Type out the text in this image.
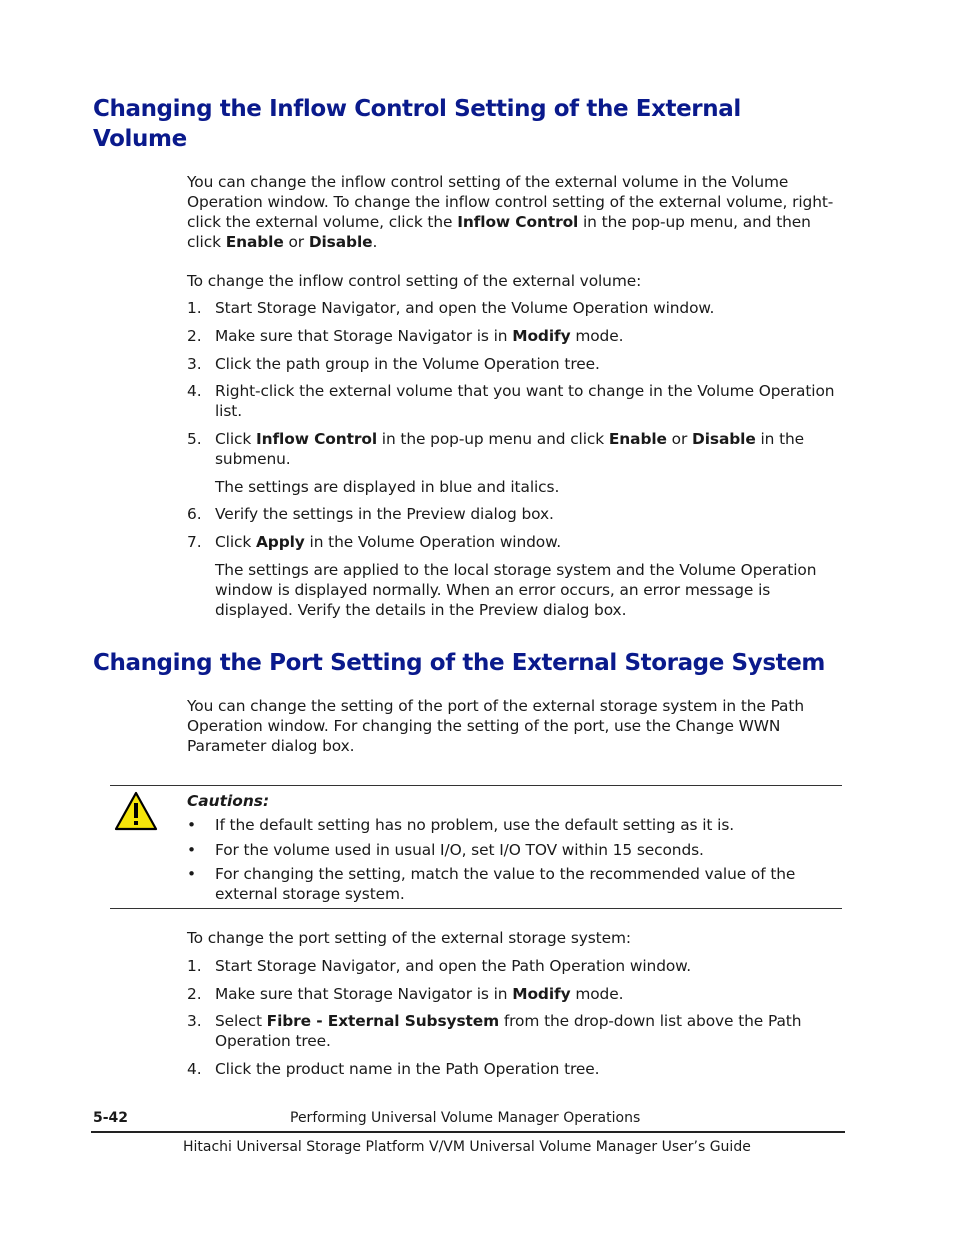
Changing the Inflow Control Setting of the External
Volume

You can change the inflow control setting of the external volume in the Volume Operation window. To change the inflow control setting of the external volume, right-click the external volume, click the Inflow Control in the pop-up menu, and then click Enable or Disable.

To change the inflow control setting of the external volume:

1. Start Storage Navigator, and open the Volume Operation window.
2. Make sure that Storage Navigator is in Modify mode.
3. Click the path group in the Volume Operation tree.
4. Right-click the external volume that you want to change in the Volume Operation list.
5. Click Inflow Control in the pop-up menu and click Enable or Disable in the submenu.

The settings are displayed in blue and italics.

6. Verify the settings in the Preview dialog box.
7. Click Apply in the Volume Operation window.

The settings are applied to the local storage system and the Volume Operation window is displayed normally. When an error occurs, an error message is displayed. Verify the details in the Preview dialog box.

Changing the Port Setting of the External Storage System

You can change the setting of the port of the external storage system in the Path Operation window. For changing the setting of the port, use the Change WWN Parameter dialog box.

Cautions:

• If the default setting has no problem, use the default setting as it is.
• For the volume used in usual I/O, set I/O TOV within 15 seconds.
• For changing the setting, match the value to the recommended value of the external storage system.

To change the port setting of the external storage system:

1. Start Storage Navigator, and open the Path Operation window.
2. Make sure that Storage Navigator is in Modify mode.
3. Select Fibre - External Subsystem from the drop-down list above the Path Operation tree.
4. Click the product name in the Path Operation tree.
5-42	Performing Universal Volume Manager Operations
Hitachi Universal Storage Platform V/VM Universal Volume Manager User’s Guide
